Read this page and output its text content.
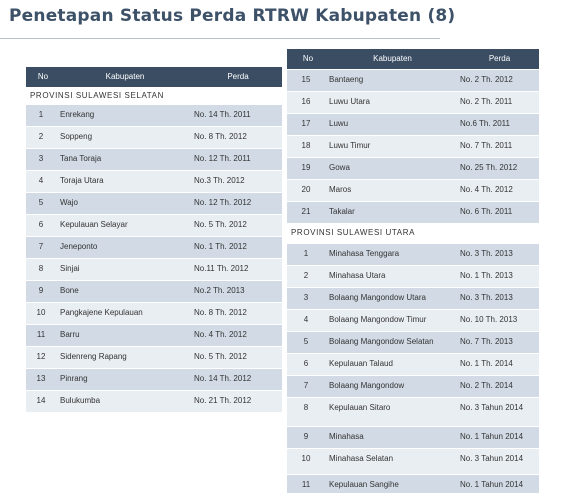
Penetapan Status Perda RTRW Kabupaten (8)
No	Kabupaten	Perda
PROVINSI SULAWESI SELATAN		
1	Enrekang	No. 14 Th. 2011
2	Soppeng	No. 8 Th. 2012
3	Tana Toraja	No. 12 Th. 2011
4	Toraja Utara	No.3 Th. 2012
5	Wajo	No. 12 Th. 2012
6	Kepulauan Selayar	No. 5 Th. 2012
7	Jeneponto	No. 1 Th. 2012
8	Sinjai	No.11 Th. 2012
9	Bone	No.2 Th. 2013
10	Pangkajene Kepulauan	No. 8 Th. 2012
11	Barru	No. 4 Th. 2012
12	Sidenreng Rapang	No. 5 Th. 2012
13	Pinrang	No. 14 Th. 2012
14	Bulukumba	No. 21 Th. 2012
No	Kabupaten	Perda
15	Bantaeng	No. 2 Th. 2012
16	Luwu Utara	No. 2 Th. 2011
17	Luwu	No.6 Th. 2011
18	Luwu Timur	No. 7 Th. 2011
19	Gowa	No. 25 Th. 2012
20	Maros	No. 4 Th. 2012
21	Takalar	No. 6 Th. 2011
PROVINSI SULAWESI UTARA		
1	Minahasa Tenggara	No. 3 Th. 2013
2	Minahasa Utara	No. 1 Th. 2013
3	Bolaang Mangondow Utara	No. 3 Th. 2013
4	Bolaang Mangondow Timur	No. 10 Th. 2013
5	Bolaang Mangondow Selatan	No. 7 Th. 2013
6	Kepulauan Talaud	No. 1 Th. 2014
7	Bolaang Mangondow	No. 2 Th. 2014
8	Kepulauan Sitaro	No. 3 Tahun 2014
9	Minahasa	No. 1 Tahun 2014
10	Minahasa Selatan	No. 3 Tahun 2014
11	Kepulauan Sangihe	No. 1 Tahun 2014
